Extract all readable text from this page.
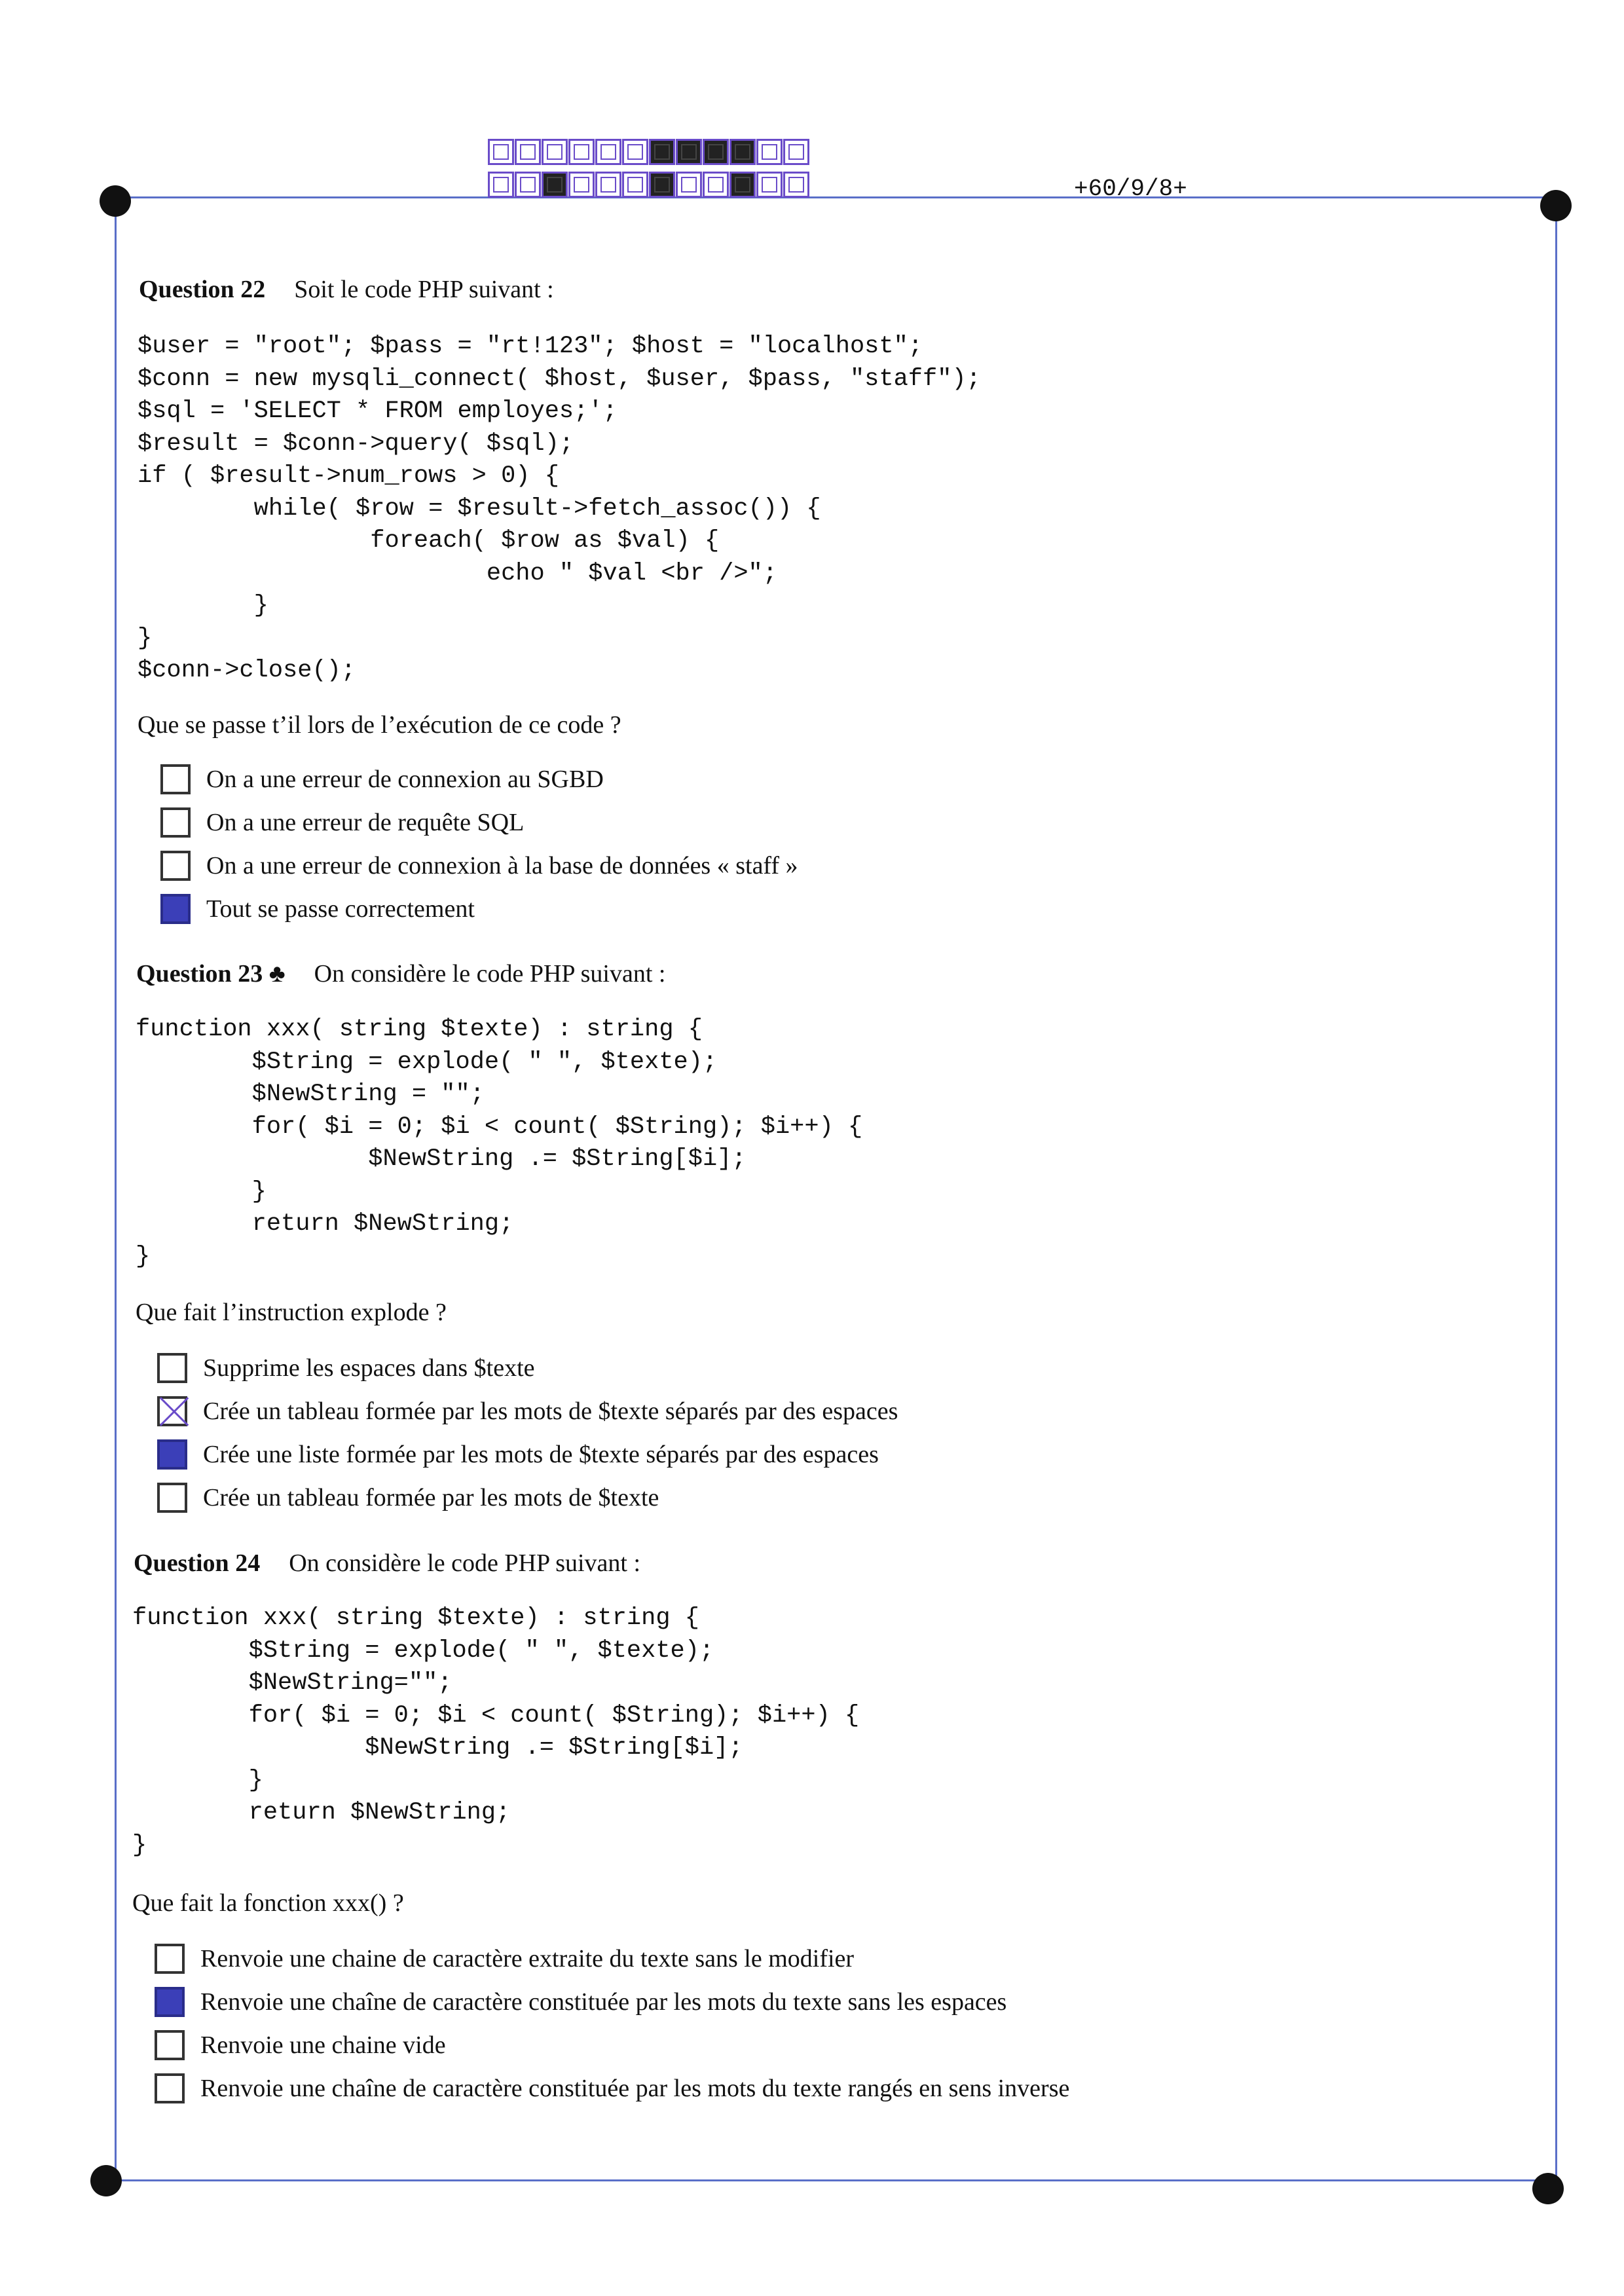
+60/9/8+
Question 22 Soit le code PHP suivant :
$user = "root"; $pass = "rt!123"; $host = "localhost";
$conn = new mysqli_connect( $host, $user, $pass, "staff");
$sql = 'SELECT * FROM employes;';
$result = $conn->query( $sql);
if ( $result->num_rows > 0) {
while( $row = $result->fetch_assoc()) {
foreach( $row as $val) {
echo " $val <br />";
}
}
$conn->close();
Que se passe t’il lors de l’exécution de ce code ?
On a une erreur de connexion au SGBD
On a une erreur de requête SQL
On a une erreur de connexion à la base de données « staff »
Tout se passe correctement
Question 23 ♣ On considère le code PHP suivant :
function xxx( string $texte) : string {
$String = explode( " ", $texte);
$NewString = "";
for( $i = 0; $i < count( $String); $i++) {
$NewString .= $String[$i];
}
return $NewString;
}
Que fait l’instruction explode ?
Supprime les espaces dans $texte
Crée un tableau formée par les mots de $texte séparés par des espaces
Crée une liste formée par les mots de $texte séparés par des espaces
Crée un tableau formée par les mots de $texte
Question 24 On considère le code PHP suivant :
function xxx( string $texte) : string {
$String = explode( " ", $texte);
$NewString="";
for( $i = 0; $i < count( $String); $i++) {
$NewString .= $String[$i];
}
return $NewString;
}
Que fait la fonction xxx() ?
Renvoie une chaine de caractère extraite du texte sans le modifier
Renvoie une chaîne de caractère constituée par les mots du texte sans les espaces
Renvoie une chaine vide
Renvoie une chaîne de caractère constituée par les mots du texte rangés en sens inverse
